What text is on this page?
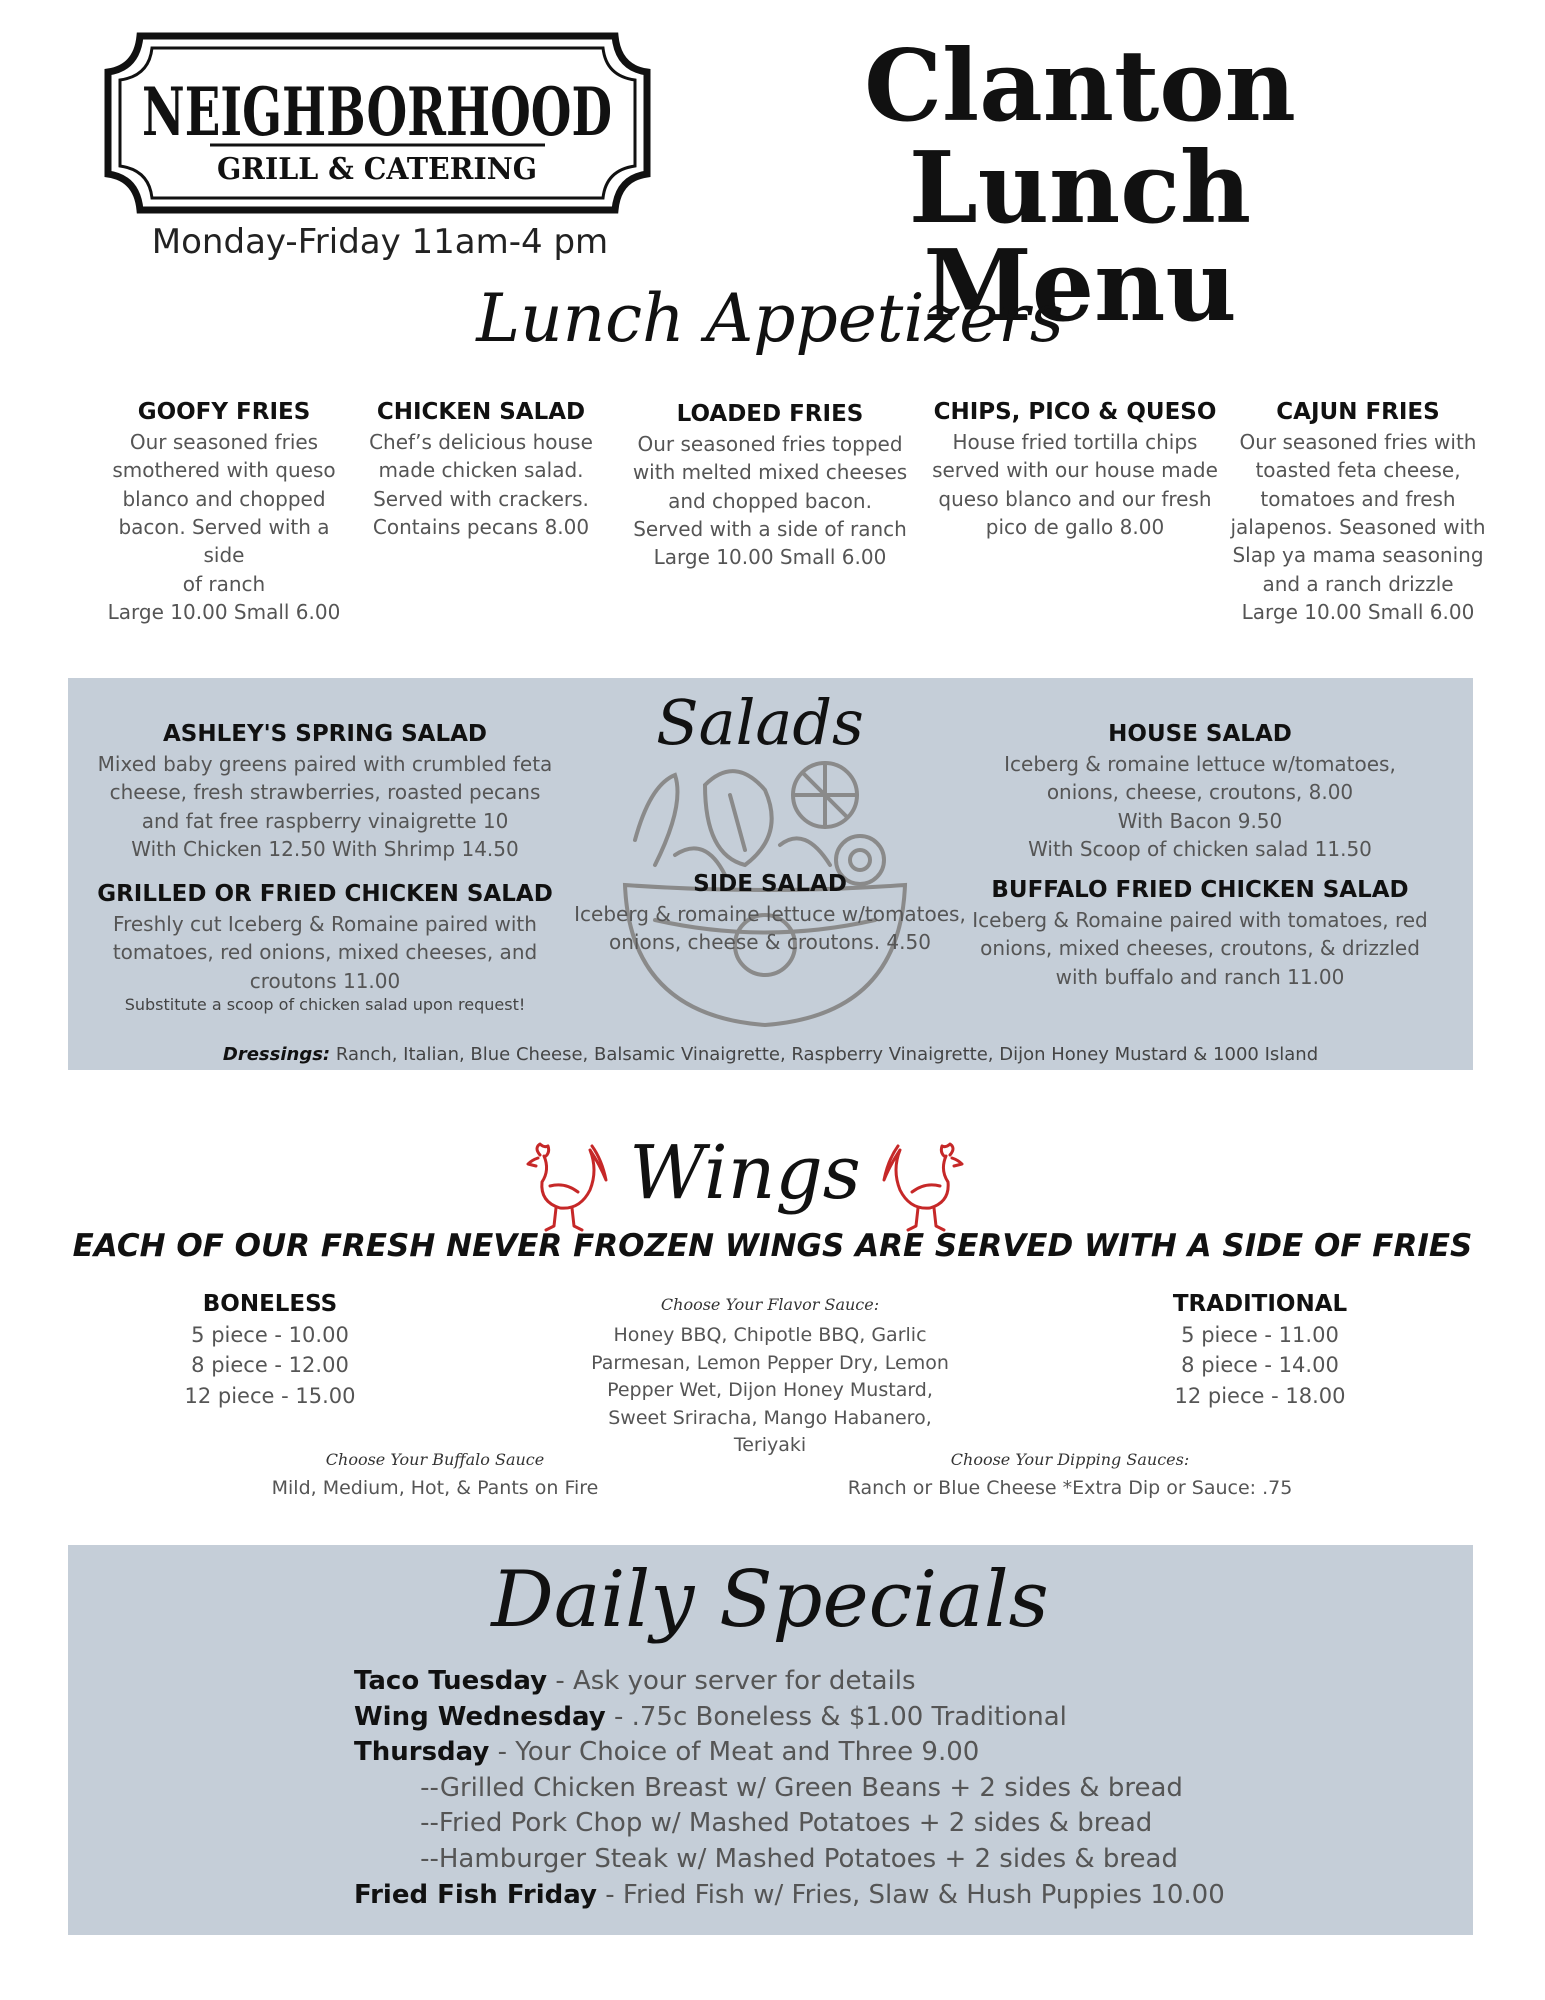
NEIGHBORHOOD
GRILL & CATERING
Clanton
Lunch Menu
Monday-Friday 11am-4 pm
Lunch Appetizers
GOOFY FRIES
Our seasoned fries
smothered with queso
blanco and chopped
bacon. Served with a side
of ranch
Large 10.00 Small 6.00
CHICKEN SALAD
Chef’s delicious house
made chicken salad.
Served with crackers.
Contains pecans 8.00
LOADED FRIES
Our seasoned fries topped
with melted mixed cheeses
and chopped bacon.
Served with a side of ranch
Large 10.00 Small 6.00
CHIPS, PICO & QUESO
House fried tortilla chips
served with our house made
queso blanco and our fresh
pico de gallo 8.00
CAJUN FRIES
Our seasoned fries with
toasted feta cheese,
tomatoes and fresh
jalapenos. Seasoned with
Slap ya mama seasoning
and a ranch drizzle
Large 10.00 Small 6.00
Salads
ASHLEY'S SPRING SALAD
Mixed baby greens paired with crumbled feta
cheese, fresh strawberries, roasted pecans
and fat free raspberry vinaigrette 10
With Chicken 12.50 With Shrimp 14.50
GRILLED OR FRIED CHICKEN SALAD
Freshly cut Iceberg & Romaine paired with
tomatoes, red onions, mixed cheeses, and
croutons 11.00
Substitute a scoop of chicken salad upon request!
SIDE SALAD
Iceberg & romaine lettuce w/tomatoes,
onions, cheese & croutons. 4.50
HOUSE SALAD
Iceberg & romaine lettuce w/tomatoes,
onions, cheese, croutons, 8.00
With Bacon 9.50
With Scoop of chicken salad 11.50
BUFFALO FRIED CHICKEN SALAD
Iceberg & Romaine paired with tomatoes, red
onions, mixed cheeses, croutons, & drizzled
with buffalo and ranch 11.00
Dressings: Ranch, Italian, Blue Cheese, Balsamic Vinaigrette, Raspberry Vinaigrette, Dijon Honey Mustard & 1000 Island
Wings
EACH OF OUR FRESH NEVER FROZEN WINGS ARE SERVED WITH A SIDE OF FRIES
BONELESS
5 piece - 10.00
8 piece - 12.00
12 piece - 15.00
TRADITIONAL
5 piece - 11.00
8 piece - 14.00
12 piece - 18.00
Choose Your Flavor Sauce:
Honey BBQ, Chipotle BBQ, Garlic
Parmesan, Lemon Pepper Dry, Lemon
Pepper Wet, Dijon Honey Mustard,
Sweet Sriracha, Mango Habanero,
Teriyaki
Choose Your Buffalo Sauce
Mild, Medium, Hot, & Pants on Fire
Choose Your Dipping Sauces:
Ranch or Blue Cheese *Extra Dip or Sauce: .75
Daily Specials
Taco Tuesday - Ask your server for details
Wing Wednesday - .75c Boneless & $1.00 Traditional
Thursday - Your Choice of Meat and Three 9.00
--Grilled Chicken Breast w/ Green Beans + 2 sides & bread
--Fried Pork Chop w/ Mashed Potatoes + 2 sides & bread
--Hamburger Steak w/ Mashed Potatoes + 2 sides & bread
Fried Fish Friday - Fried Fish w/ Fries, Slaw & Hush Puppies 10.00
